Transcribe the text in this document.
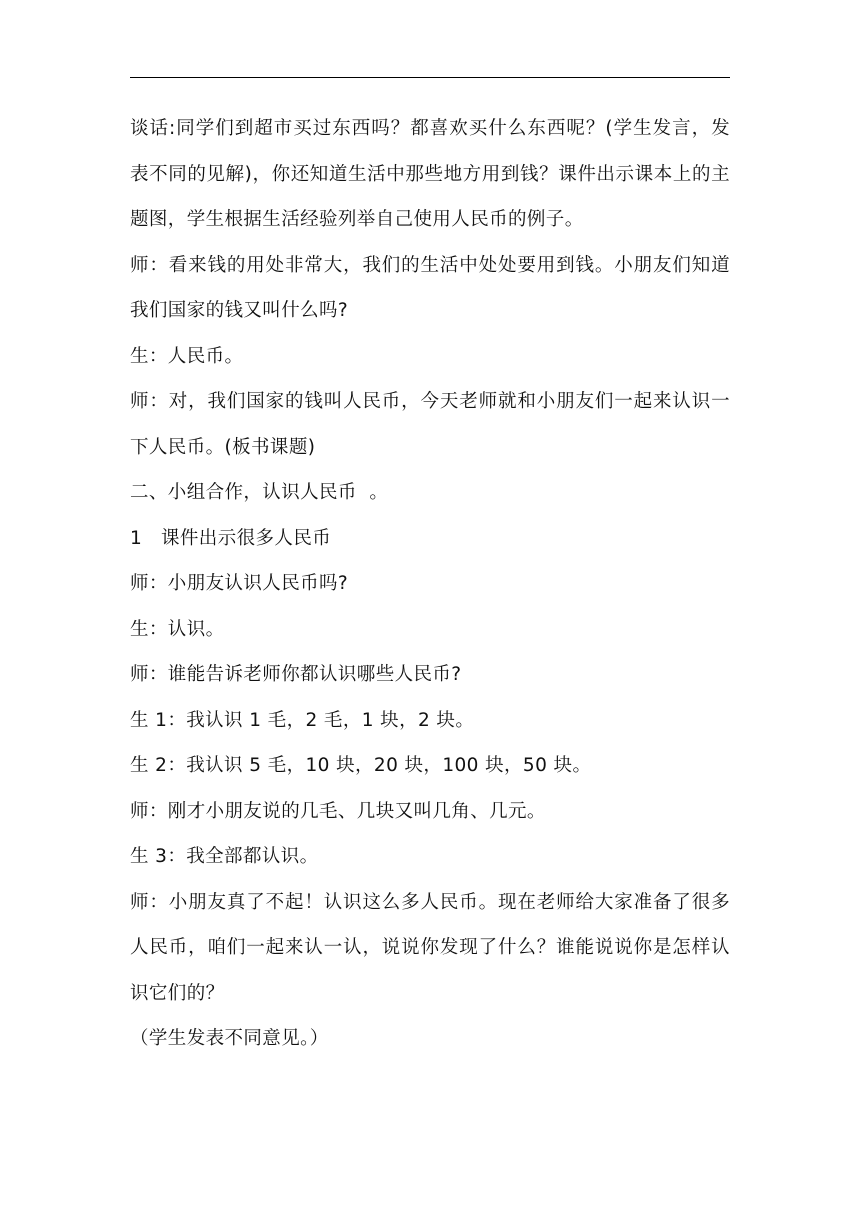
谈话:同学们到超市买过东西吗？都喜欢买什么东西呢？(学生发言，发表不同的见解)，你还知道生活中那些地方用到钱？课件出示课本上的主题图，学生根据生活经验列举自己使用人民币的例子。

师：看来钱的用处非常大，我们的生活中处处要用到钱。小朋友们知道我们国家的钱又叫什么吗?

生：人民币。

师：对，我们国家的钱叫人民币，今天老师就和小朋友们一起来认识一下人民币。(板书课题)

二、小组合作，认识人民币  。

1   课件出示很多人民币

师：小朋友认识人民币吗?

生：认识。

师：谁能告诉老师你都认识哪些人民币?

生 1：我认识 1 毛，2 毛，1 块，2 块。

生 2：我认识 5 毛，10 块，20 块，100 块，50 块。

师：刚才小朋友说的几毛、几块又叫几角、几元。

生 3：我全部都认识。

师：小朋友真了不起！认识这么多人民币。现在老师给大家准备了很多人民币，咱们一起来认一认，说说你发现了什么？谁能说说你是怎样认识它们的？

（学生发表不同意见。）
